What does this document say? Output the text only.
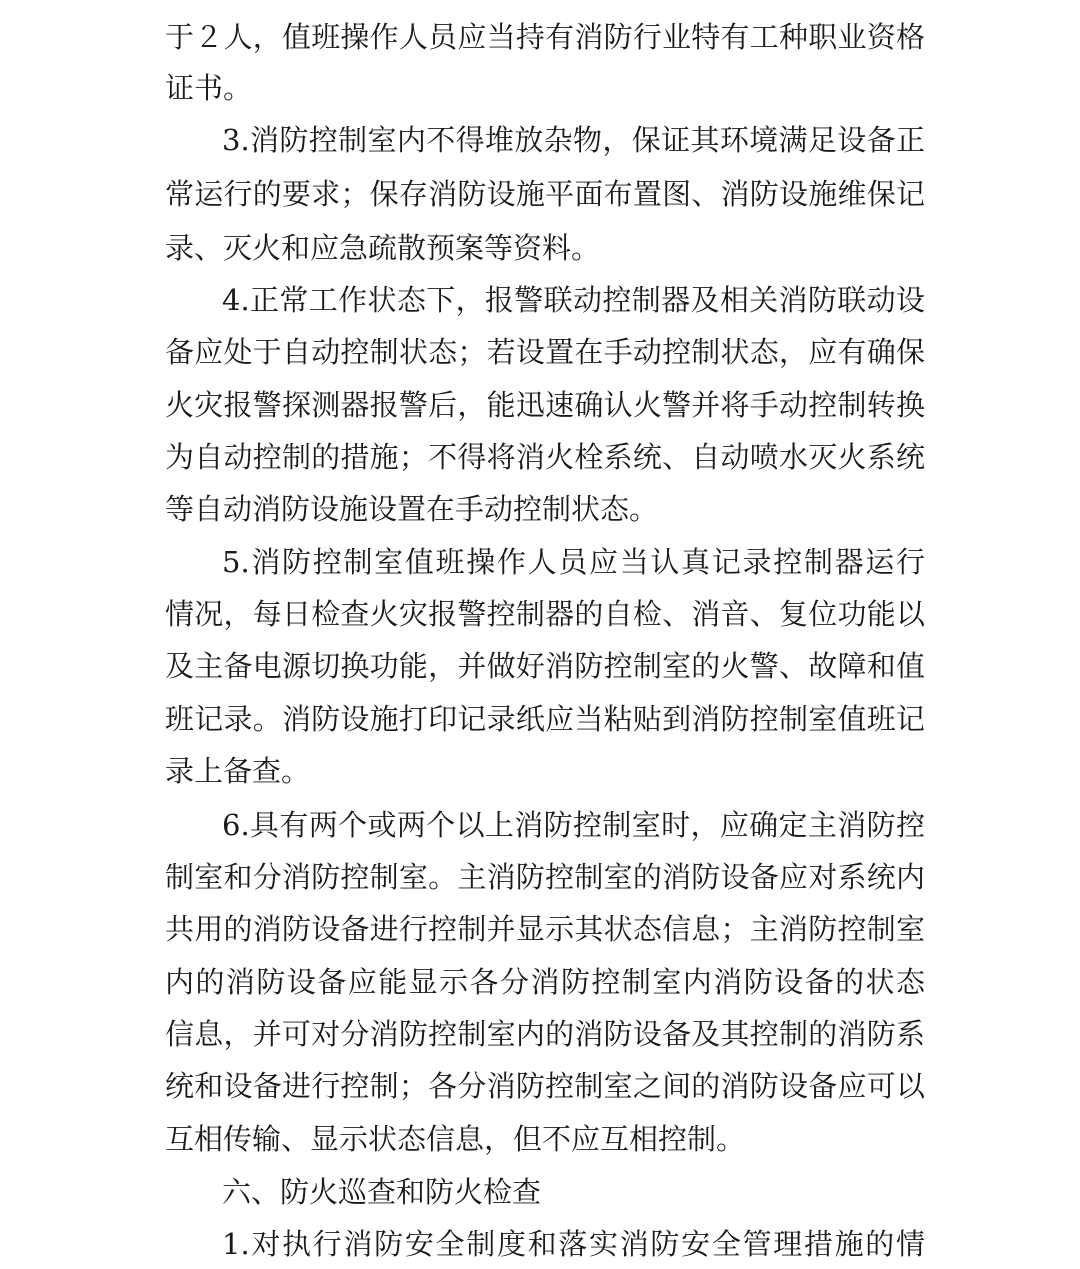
于２人，值班操作人员应当持有消防行业特有工种职业资格
证书。
3.消防控制室内不得堆放杂物，保证其环境满足设备正
常运行的要求；保存消防设施平面布置图、消防设施维保记
录、灭火和应急疏散预案等资料。
4.正常工作状态下，报警联动控制器及相关消防联动设
备应处于自动控制状态；若设置在手动控制状态，应有确保
火灾报警探测器报警后，能迅速确认火警并将手动控制转换
为自动控制的措施；不得将消火栓系统、自动喷水灭火系统
等自动消防设施设置在手动控制状态。
5.消防控制室值班操作人员应当认真记录控制器运行
情况，每日检查火灾报警控制器的自检、消音、复位功能以
及主备电源切换功能，并做好消防控制室的火警、故障和值
班记录。消防设施打印记录纸应当粘贴到消防控制室值班记
录上备查。
6.具有两个或两个以上消防控制室时，应确定主消防控
制室和分消防控制室。主消防控制室的消防设备应对系统内
共用的消防设备进行控制并显示其状态信息；主消防控制室
内的消防设备应能显示各分消防控制室内消防设备的状态
信息，并可对分消防控制室内的消防设备及其控制的消防系
统和设备进行控制；各分消防控制室之间的消防设备应可以
互相传输、显示状态信息，但不应互相控制。
六、防火巡查和防火检查
1.对执行消防安全制度和落实消防安全管理措施的情
